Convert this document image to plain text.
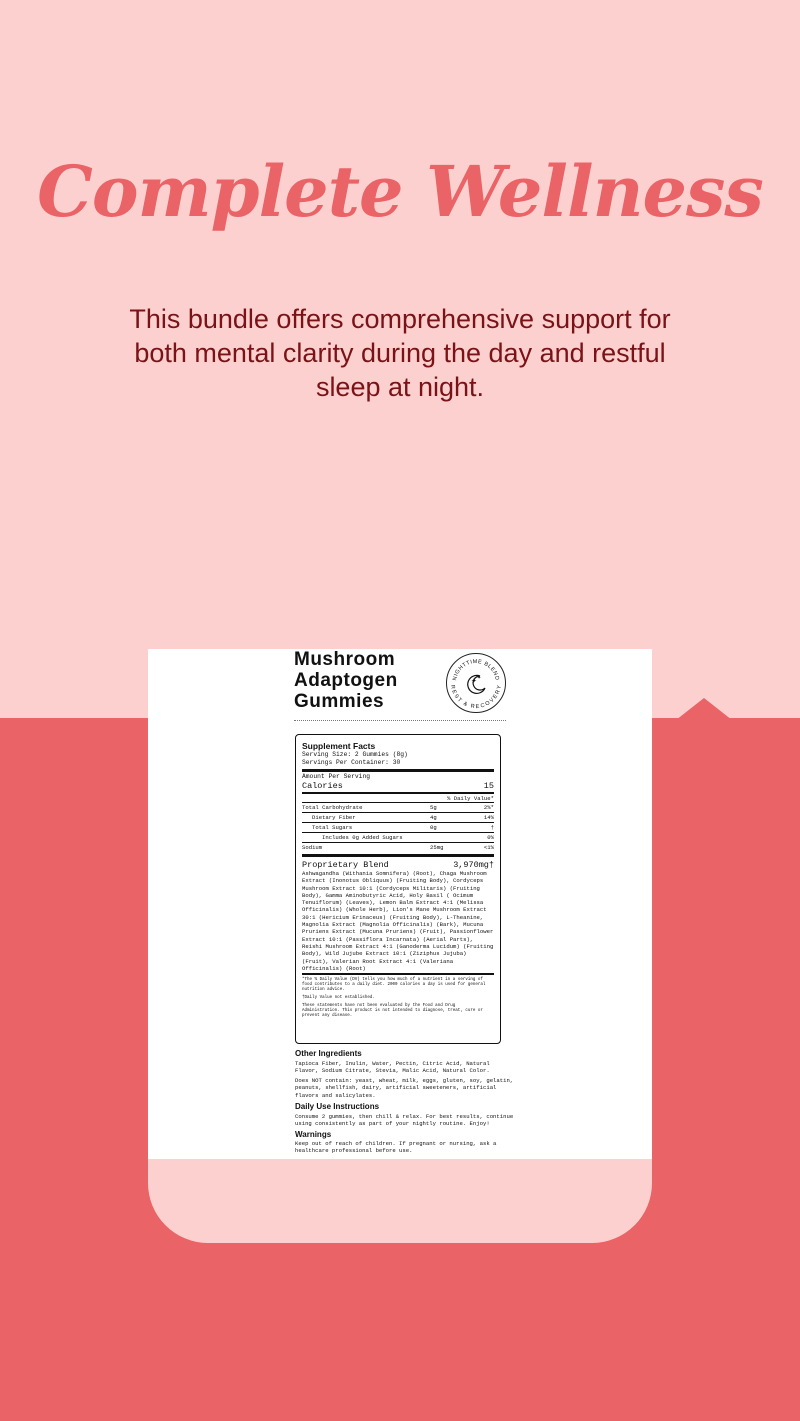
Complete Wellness
This bundle offers comprehensive support for both mental clarity during the day and restful sleep at night.
Mushroom
Adaptogen
Gummies
NIGHTTIME BLEND
REST & RECOVERY
✦ ✦
Supplement Facts
Serving Size: 2 Gummies (8g)
Servings Per Container: 30
Amount Per Serving
Calories	15
% Daily Value*
Total Carbohydrate	5g	2%*
Dietary Fiber	4g	14%
Total Sugars	0g	†
Includes 0g Added Sugars	0%
Sodium	25mg	<1%
Proprietary Blend	3,970mg†
Ashwagandha (Withania Somnifera) (Root), Chaga Mushroom Extract (Inonotus Obliquus) (Fruiting Body), Cordyceps Mushroom Extract 10:1 (Cordyceps Militaris) (Fruiting Body), Gamma Aminobutyric Acid, Holy Basil ( Ocimum Tenuiflorum) (Leaves), Lemon Balm Extract 4:1 (Melissa Officinalis) (Whole Herb), Lion's Mane Mushroom Extract 30:1 (Hericium Erinaceus) (Fruiting Body), L-Theanine, Magnolia Extract (Magnolia Officinalis) (Bark), Mucuna Pruriens Extract (Mucuna Pruriens) (Fruit), Passionflower Extract 10:1 (Passiflora Incarnata) (Aerial Parts), Reishi Mushroom Extract 4:1 (Ganoderma Lucidum) (Fruiting Body), Wild Jujube Extract 10:1 (Ziziphus Jujuba) (Fruit), Valerian Root Extract 4:1 (Valeriana Officinalis) (Root)
*The % Daily Value (DV) tells you how much of a nutrient in a serving of food contributes to a daily diet. 2000 calories a day is used for general nutrition advice.
†Daily Value not established.
These statements have not been evaluated by the Food and Drug Administration. This product is not intended to diagnose, treat, cure or prevent any disease.
Other Ingredients
Tapioca Fiber, Inulin, Water, Pectin, Citric Acid, Natural Flavor, Sodium Citrate, Stevia, Malic Acid, Natural Color.
Does NOT contain: yeast, wheat, milk, eggs, gluten, soy, gelatin, peanuts, shellfish, dairy, artificial sweeteners, artificial flavors and salicylates.
Daily Use Instructions
Consume 2 gummies, then chill & relax. For best results, continue using consistently as part of your nightly routine. Enjoy!
Warnings
Keep out of reach of children. If pregnant or nursing, ask a healthcare professional before use.
